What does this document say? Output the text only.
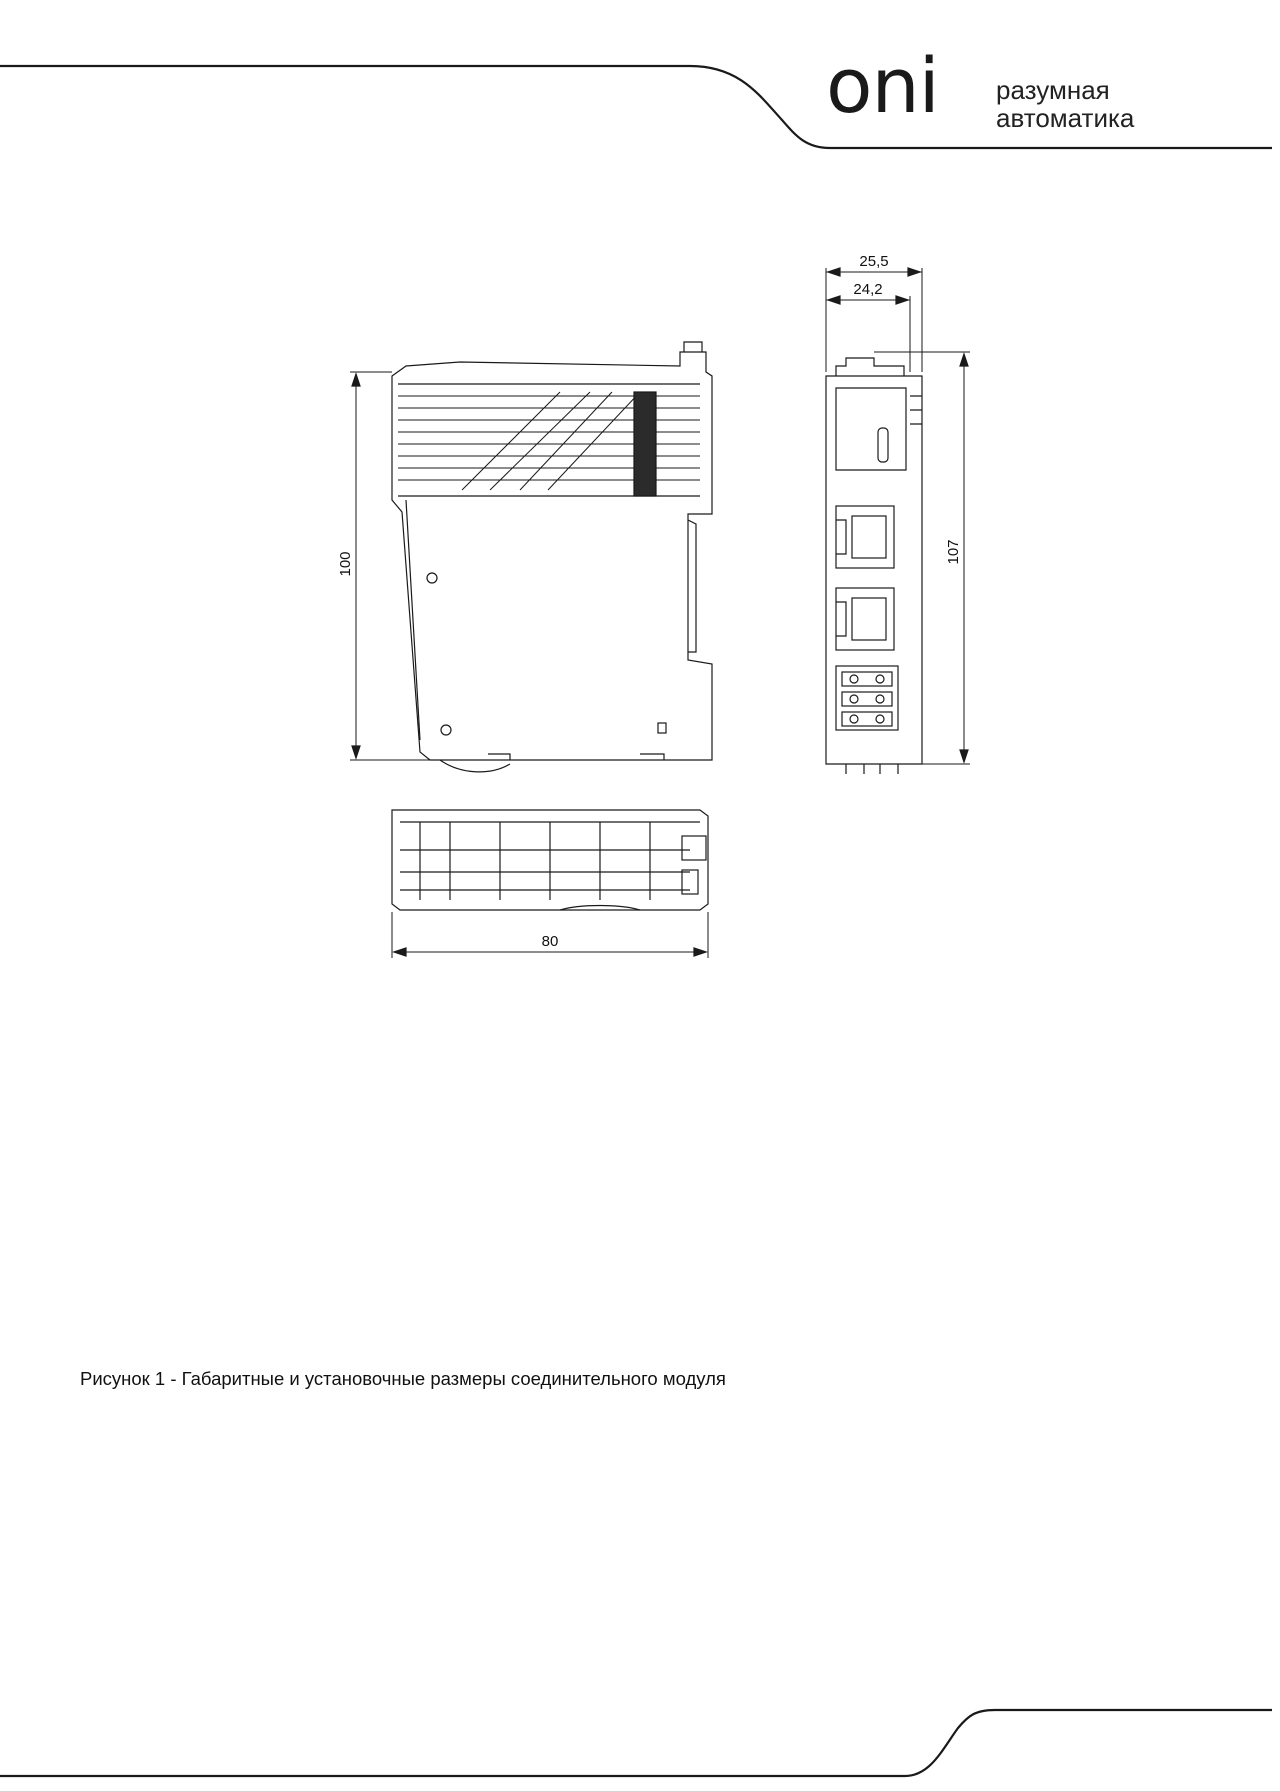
oni разумная
автоматика
100
25,5
24,2
107
80
Рисунок 1 - Габаритные и установочные размеры соединительного модуля
